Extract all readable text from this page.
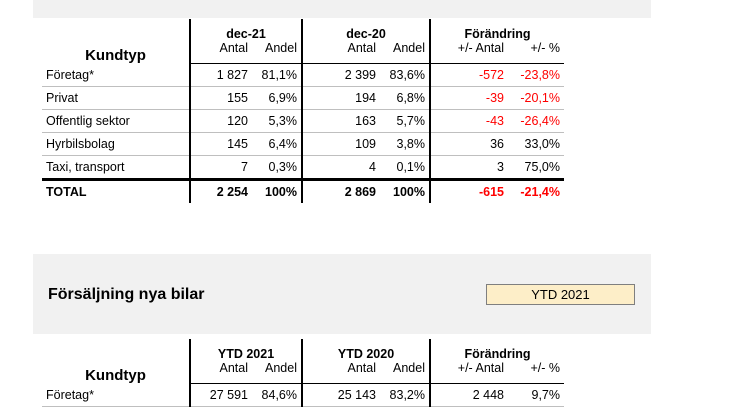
Kundtyp	dec-21		dec-20		Förändring	
	Antal	Andel	Antal	Andel	+/- Antal	+/- %
Företag*	1 827	81,1%	2 399	83,6%	-572	-23,8%
Privat	155	6,9%	194	6,8%	-39	-20,1%
Offentlig sektor	120	5,3%	163	5,7%	-43	-26,4%
Hyrbilsbolag	145	6,4%	109	3,8%	36	33,0%
Taxi, transport	7	0,3%	4	0,1%	3	75,0%
TOTAL	2 254	100%	2 869	100%	-615	-21,4%
Försäljning nya bilar	YTD 2021
Kundtyp	YTD 2021		YTD 2020		Förändring	
	Antal	Andel	Antal	Andel	+/- Antal	+/- %
Företag*	27 591	84,6%	25 143	83,2%	2 448	9,7%
